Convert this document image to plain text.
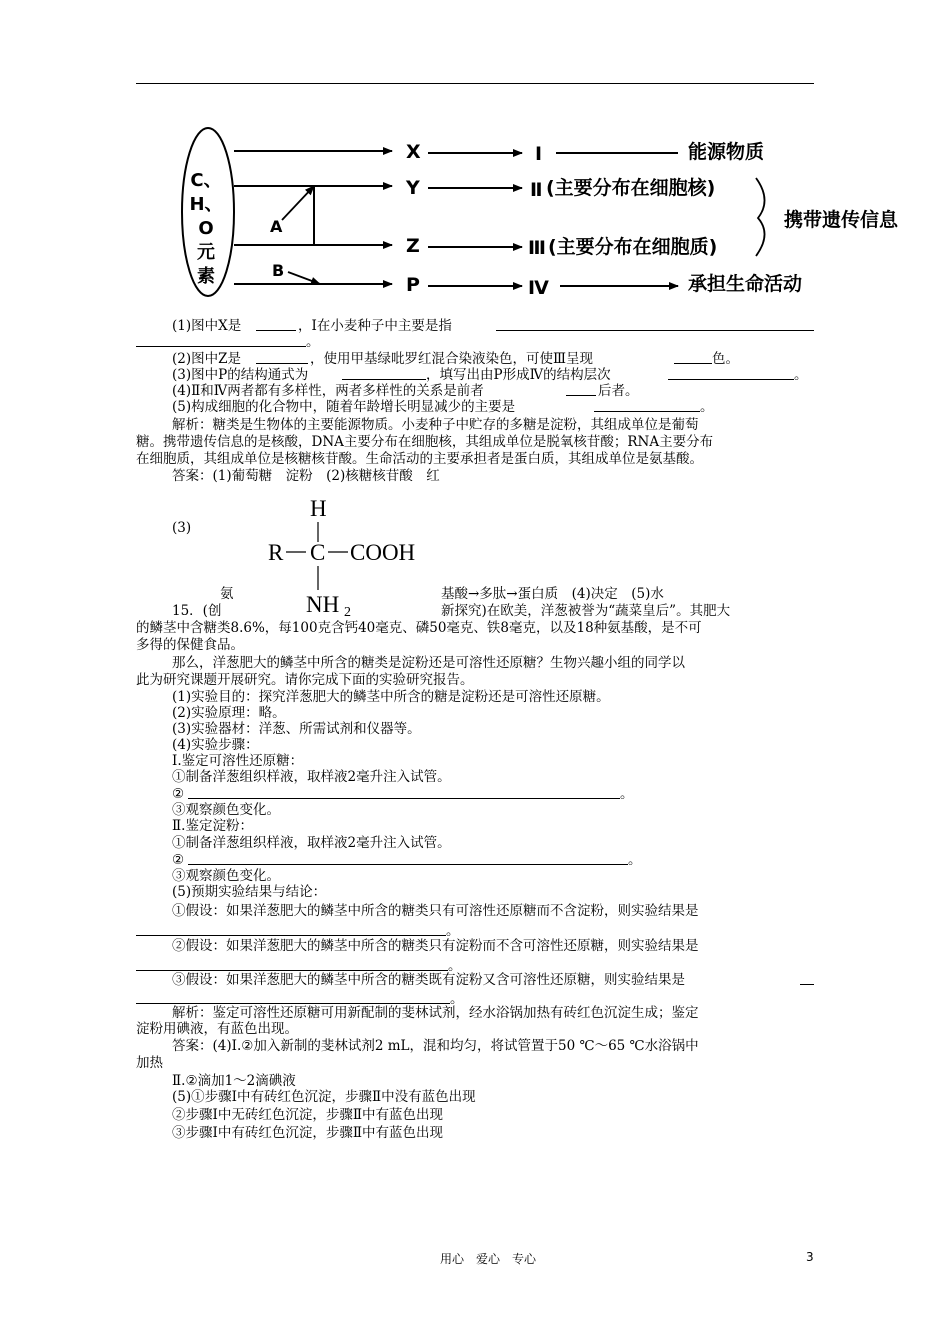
C、
H、
O
元
素
X
Y
Z
P
A
B
Ⅰ
Ⅱ
Ⅲ
Ⅳ
能源物质
(主要分布在细胞核)
(主要分布在细胞质)
携带遗传信息
承担生命活动
(1)图中X是	，Ⅰ在小麦种子中主要是指
。
(2)图中Z是	，使用甲基绿吡罗红混合染液染色，可使Ⅲ呈现	色。
(3)图中P的结构通式为	，填写出由P形成Ⅳ的结构层次	。
(4)Ⅱ和Ⅳ两者都有多样性，两者多样性的关系是前者	后者。
(5)构成细胞的化合物中，随着年龄增长明显减少的主要是	。
解析：糖类是生物体的主要能源物质。小麦种子中贮存的多糖是淀粉，其组成单位是葡萄
糖。携带遗传信息的是核酸，DNA主要分布在细胞核，其组成单位是脱氧核苷酸；RNA主要分布
在细胞质，其组成单位是核糖核苷酸。生命活动的主要承担者是蛋白质，其组成单位是氨基酸。
答案：(1)葡萄糖　淀粉　(2)核糖核苷酸　红
(3)
H
R C COOH
NH 2
氨	基酸→多肽→蛋白质　(4)决定　(5)水
15．(创	新探究)在欧美，洋葱被誉为“蔬菜皇后”。其肥大
的鳞茎中含糖类8.6%，每100克含钙40毫克、磷50毫克、铁8毫克，以及18种氨基酸，是不可
多得的保健食品。
那么，洋葱肥大的鳞茎中所含的糖类是淀粉还是可溶性还原糖？生物兴趣小组的同学以
此为研究课题开展研究。请你完成下面的实验研究报告。
(1)实验目的：探究洋葱肥大的鳞茎中所含的糖是淀粉还是可溶性还原糖。
(2)实验原理：略。
(3)实验器材：洋葱、所需试剂和仪器等。
(4)实验步骤：
Ⅰ.鉴定可溶性还原糖：
①制备洋葱组织样液，取样液2毫升注入试管。
②	。
③观察颜色变化。
Ⅱ.鉴定淀粉：
①制备洋葱组织样液，取样液2毫升注入试管。
②	。
③观察颜色变化。
(5)预期实验结果与结论：
①假设：如果洋葱肥大的鳞茎中所含的糖类只有可溶性还原糖而不含淀粉，则实验结果是
。
②假设：如果洋葱肥大的鳞茎中所含的糖类只有淀粉而不含可溶性还原糖，则实验结果是
。
③假设：如果洋葱肥大的鳞茎中所含的糖类既有淀粉又含可溶性还原糖，则实验结果是
。
解析：鉴定可溶性还原糖可用新配制的斐林试剂，经水浴锅加热有砖红色沉淀生成；鉴定
淀粉用碘液，有蓝色出现。
答案：(4)Ⅰ.②加入新制的斐林试剂2 mL，混和均匀，将试管置于50 ℃～65 ℃水浴锅中
加热
Ⅱ.②滴加1～2滴碘液
(5)①步骤Ⅰ中有砖红色沉淀，步骤Ⅱ中没有蓝色出现
②步骤Ⅰ中无砖红色沉淀，步骤Ⅱ中有蓝色出现
③步骤Ⅰ中有砖红色沉淀，步骤Ⅱ中有蓝色出现
用心　爱心　专心	3
